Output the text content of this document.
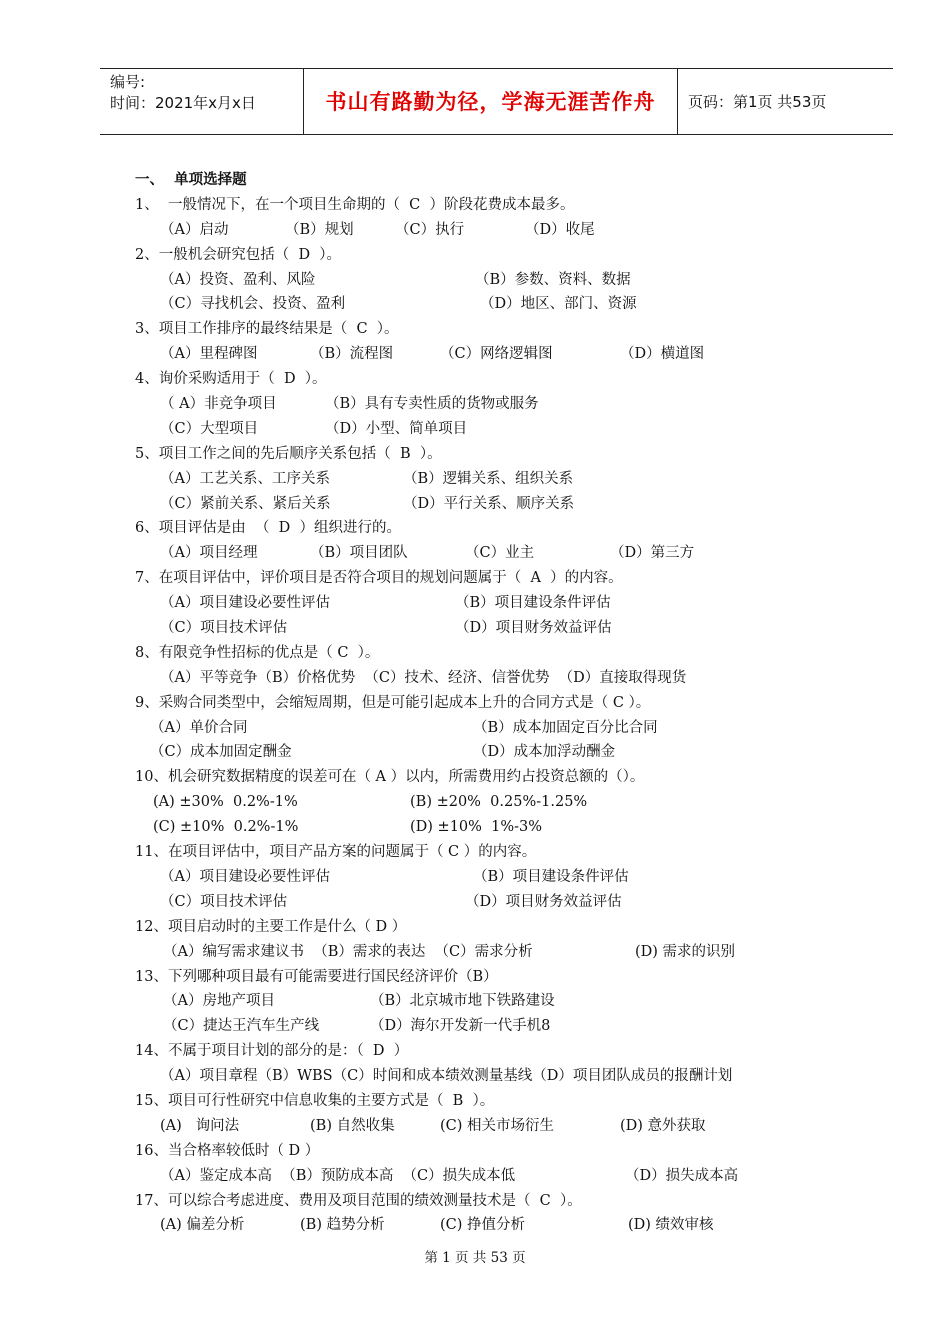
编号:
时间：2021年x月x日	书山有路勤为径，学海无涯苦作舟	页码：第1页 共53页
一、  单项选择题
1、  一般情况下，在一个项目生命期的（  C  ）阶段花费成本最多。
（A）启动	（B）规划	（C）执行	（D）收尾
2、一般机会研究包括（  D  ）。
（A）投资、盈利、风险	（B）参数、资料、数据
（C）寻找机会、投资、盈利	（D）地区、部门、资源
3、项目工作排序的最终结果是（  C  ）。
（A）里程碑图	（B）流程图	（C）网络逻辑图	（D）横道图
4、询价采购适用于（  D  ）。
（ A）非竞争项目	（B）具有专卖性质的货物或服务
（C）大型项目	（D）小型、简单项目
5、项目工作之间的先后顺序关系包括（  B  ）。
（A）工艺关系、工序关系	（B）逻辑关系、组织关系
（C）紧前关系、紧后关系	（D）平行关系、顺序关系
6、项目评估是由  （  D  ）组织进行的。
（A）项目经理	（B）项目团队	（C）业主	（D）第三方
7、在项目评估中，评价项目是否符合项目的规划问题属于（  A  ）的内容。
（A）项目建设必要性评估	（B）项目建设条件评估
（C）项目技术评估	（D）项目财务效益评估
8、有限竞争性招标的优点是（ C  ）。
（A）平等竞争（B）价格优势  （C）技术、经济、信誉优势  （D）直接取得现货
9、采购合同类型中，会缩短周期，但是可能引起成本上升的合同方式是（ C ）。
（A）单价合同	（B）成本加固定百分比合同
（C）成本加固定酬金	（D）成本加浮动酬金
10、机会研究数据精度的误差可在（ A ）以内，所需费用约占投资总额的（）。
(A) ±30%  0.2%-1%	(B) ±20%  0.25%-1.25%
(C) ±10%  0.2%-1%	(D) ±10%  1%-3%
11、在项目评估中，项目产品方案的问题属于（ C ）的内容。
（A）项目建设必要性评估	（B）项目建设条件评估
（C）项目技术评估	（D）项目财务效益评估
12、项目启动时的主要工作是什么（ D ）
（A）编写需求建议书  （B）需求的表达  （C）需求分析	(D) 需求的识别
13、下列哪种项目最有可能需要进行国民经济评价（B）
（A）房地产项目	（B）北京城市地下铁路建设
（C）捷达王汽车生产线	（D）海尔开发新一代手机8
14、不属于项目计划的部分的是：（  D  ）
（A）项目章程（B）WBS（C）时间和成本绩效测量基线（D）项目团队成员的报酬计划
15、项目可行性研究中信息收集的主要方式是（  B  ）。
(A)   询问法	(B) 自然收集	(C) 相关市场衍生	(D) 意外获取
16、当合格率较低时（ D ）
（A）鉴定成本高  （B）预防成本高  （C）损失成本低	（D）损失成本高
17、可以综合考虑进度、费用及项目范围的绩效测量技术是（  C  ）。
(A) 偏差分析	(B) 趋势分析	(C) 挣值分析	(D) 绩效审核
第 1 页 共 53 页
